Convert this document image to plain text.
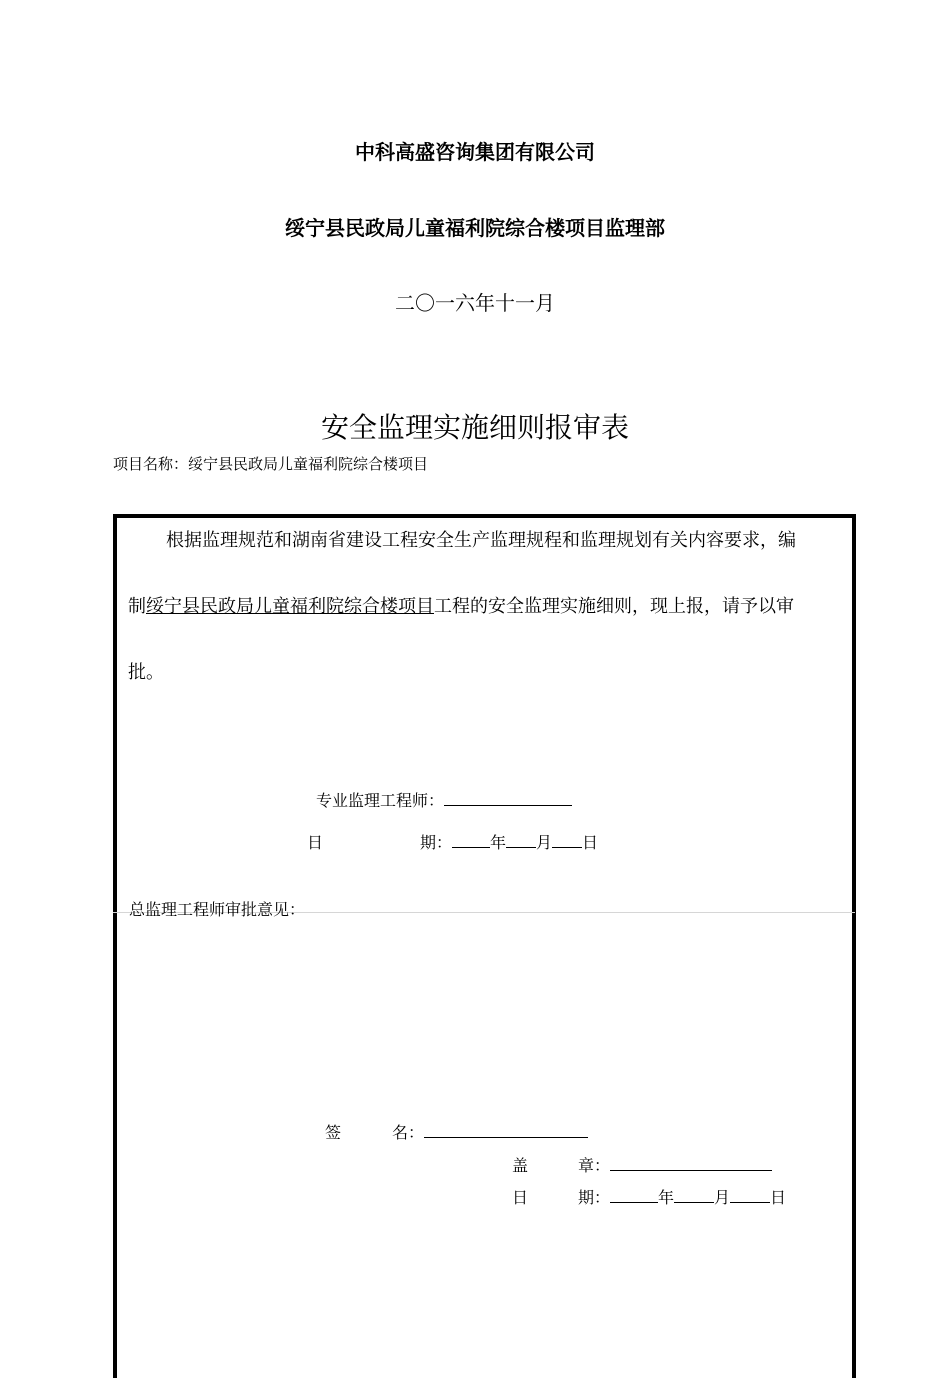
中科高盛咨询集团有限公司
绥宁县民政局儿童福利院综合楼项目监理部
二〇一六年十一月
安全监理实施细则报审表
项目名称：绥宁县民政局儿童福利院综合楼项目
根据监理规范和湖南省建设工程安全生产监理规程和监理规划有关内容要求，编
制绥宁县民政局儿童福利院综合楼项目工程的安全监理实施细则，现上报，请予以审
批。
专业监理工程师：
日	期： 年 月 日
总监理工程师审批意见：
签	名：
盖	章：
日	期：	年	月	日
